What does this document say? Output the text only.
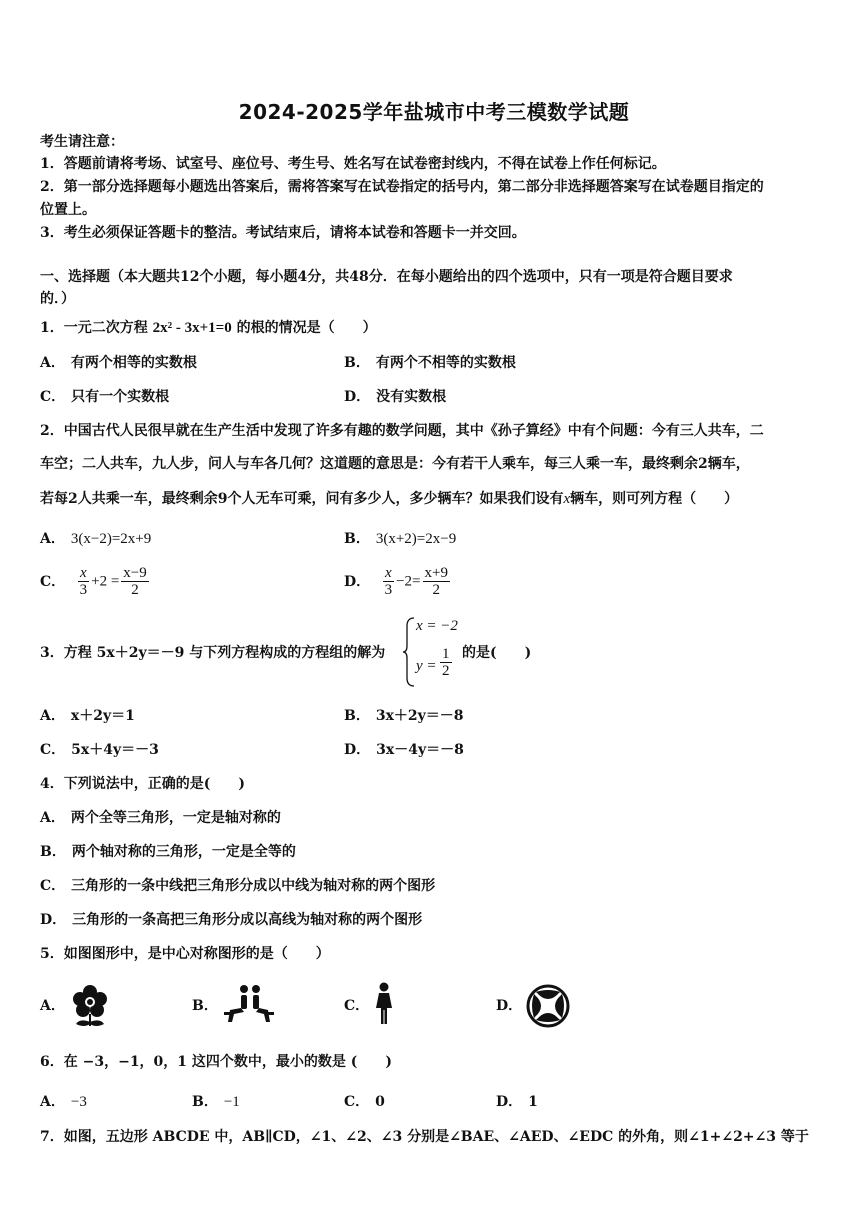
2024-2025学年盐城市中考三模数学试题
考生请注意：
1．答题前请将考场、试室号、座位号、考生号、姓名写在试卷密封线内，不得在试卷上作任何标记。
2．第一部分选择题每小题选出答案后，需将答案写在试卷指定的括号内，第二部分非选择题答案写在试卷题目指定的
位置上。
3．考生必须保证答题卡的整洁。考试结束后，请将本试卷和答题卡一并交回。
一、选择题（本大题共12个小题，每小题4分，共48分．在每小题给出的四个选项中，只有一项是符合题目要求
的．）
1．一元二次方程 2x² - 3x+1=0 的根的情况是（　　）
A． 有两个相等的实数根	B． 有两个不相等的实数根
C． 只有一个实数根	D． 没有实数根
2．中国古代人民很早就在生产生活中发现了许多有趣的数学问题，其中《孙子算经》中有个问题：今有三人共车，二
车空；二人共车，九人步，问人与车各几何？这道题的意思是：今有若干人乘车，每三人乘一车，最终剩余2辆车，
若每2人共乘一车，最终剩余9个人无车可乘，问有多少人，多少辆车？如果我们设有x辆车，则可列方程（　　）
A． 3(x−2)=2x+9	B． 3(x+2)=2x−9
C． $\frac{x}{3} +2 = \frac{x-9}{2}$	D． $\frac{x}{3} -2= \frac{x+9}{2}$
3．方程 5x＋2y＝－9 与下列方程构成的方程组的解为
x = −2
$y = \frac{1}{2}$ 的是(　　)
A． x＋2y＝1	B． 3x＋2y＝－8
C． 5x＋4y＝－3	D． 3x－4y＝－8
4．下列说法中，正确的是(　　)
A． 两个全等三角形，一定是轴对称的
B． 两个轴对称的三角形，一定是全等的
C． 三角形的一条中线把三角形分成以中线为轴对称的两个图形
D． 三角形的一条高把三角形分成以高线为轴对称的两个图形
5．如图图形中，是中心对称图形的是（　　）
A．	B．	C．	D．
6．在 −3，−1，0，1 这四个数中，最小的数是 (　　)
A． −3	B． −1	C． 0	D． 1
7．如图，五边形 ABCDE 中，AB∥CD，∠1、∠2、∠3 分别是∠BAE、∠AED、∠EDC 的外角，则∠1+∠2+∠3 等于
